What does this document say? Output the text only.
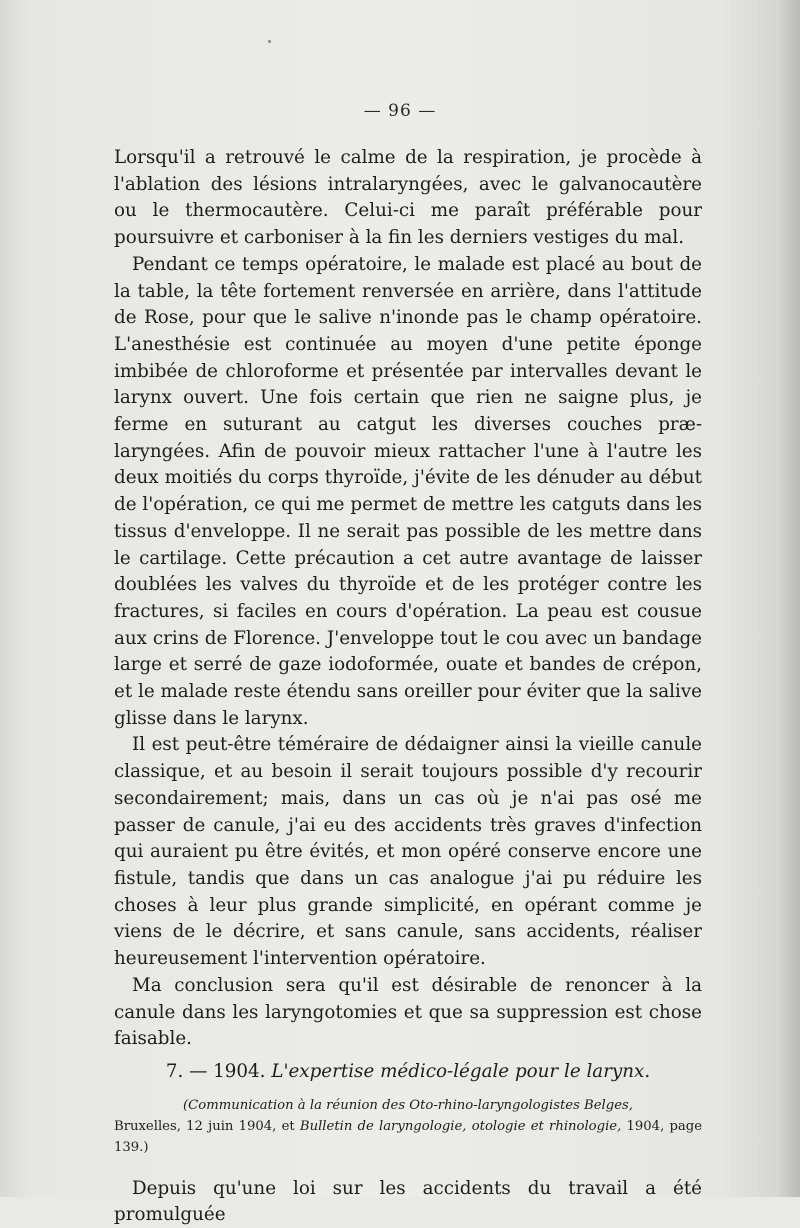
— 96 —

Lorsqu'il a retrouvé le calme de la respiration, je procède à l'ablation des lésions intralaryngées, avec le galvanocautère ou le thermocautère. Celui-ci me paraît préférable pour poursuivre et carboniser à la fin les derniers vestiges du mal.

Pendant ce temps opératoire, le malade est placé au bout de la table, la tête fortement renversée en arrière, dans l'attitude de Rose, pour que le salive n'inonde pas le champ opératoire. L'anesthésie est continuée au moyen d'une petite éponge imbibée de chloroforme et présentée par intervalles devant le larynx ouvert. Une fois certain que rien ne saigne plus, je ferme en suturant au catgut les diverses couches præ-laryngées. Afin de pouvoir mieux rattacher l'une à l'autre les deux moitiés du corps thyroïde, j'évite de les dénuder au début de l'opération, ce qui me permet de mettre les catguts dans les tissus d'enveloppe. Il ne serait pas possible de les mettre dans le cartilage. Cette précaution a cet autre avantage de laisser doublées les valves du thyroïde et de les protéger contre les fractures, si faciles en cours d'opération. La peau est cousue aux crins de Florence. J'enveloppe tout le cou avec un bandage large et serré de gaze iodoformée, ouate et bandes de crépon, et le malade reste étendu sans oreiller pour éviter que la salive glisse dans le larynx.

Il est peut-être téméraire de dédaigner ainsi la vieille canule classique, et au besoin il serait toujours possible d'y recourir secondairement; mais, dans un cas où je n'ai pas osé me passer de canule, j'ai eu des accidents très graves d'infection qui auraient pu être évités, et mon opéré conserve encore une fistule, tandis que dans un cas analogue j'ai pu réduire les choses à leur plus grande simplicité, en opérant comme je viens de le décrire, et sans canule, sans accidents, réaliser heureusement l'intervention opératoire.

Ma conclusion sera qu'il est désirable de renoncer à la canule dans les laryngotomies et que sa suppression est chose faisable.

7. — 1904. L'expertise médico-légale pour le larynx.

(Communication à la réunion des Oto-rhino-laryngologistes Belges,
Bruxelles, 12 juin 1904, et Bulletin de laryngologie, otologie et rhinologie, 1904, page 139.)

Depuis qu'une loi sur les accidents du travail a été promulguée
